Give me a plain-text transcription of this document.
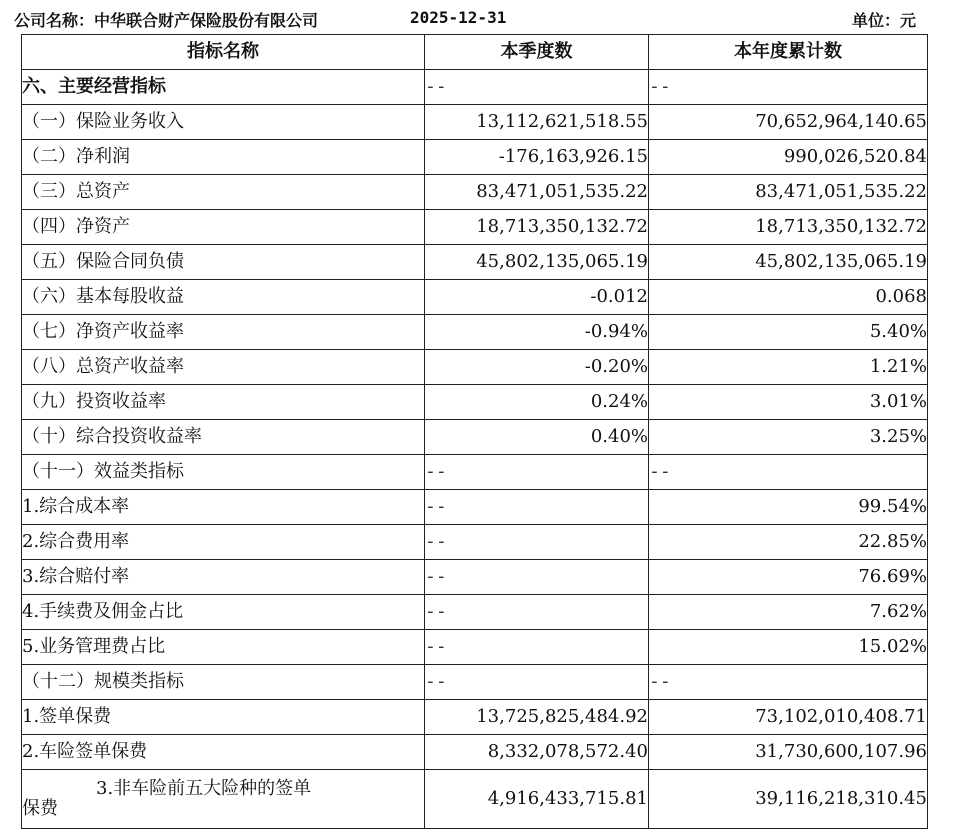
公司名称：中华联合财产保险股份有限公司	2025-12-31	单位：元
指标名称	本季度数	本年度累计数
六、主要经营指标	--	--
（一）保险业务收入	13,112,621,518.55	70,652,964,140.65
（二）净利润	-176,163,926.15	990,026,520.84
（三）总资产	83,471,051,535.22	83,471,051,535.22
（四）净资产	18,713,350,132.72	18,713,350,132.72
（五）保险合同负债	45,802,135,065.19	45,802,135,065.19
（六）基本每股收益	-0.012	0.068
（七）净资产收益率	-0.94%	5.40%
（八）总资产收益率	-0.20%	1.21%
（九）投资收益率	0.24%	3.01%
（十）综合投资收益率	0.40%	3.25%
（十一）效益类指标	--	--
1.综合成本率	--	99.54%
2.综合费用率	--	22.85%
3.综合赔付率	--	76.69%
4.手续费及佣金占比	--	7.62%
5.业务管理费占比	--	15.02%
（十二）规模类指标	--	--
1.签单保费	13,725,825,484.92	73,102,010,408.71
2.车险签单保费	8,332,078,572.40	31,730,600,107.96
3.非车险前五大险种的签单
保费	4,916,433,715.81	39,116,218,310.45
